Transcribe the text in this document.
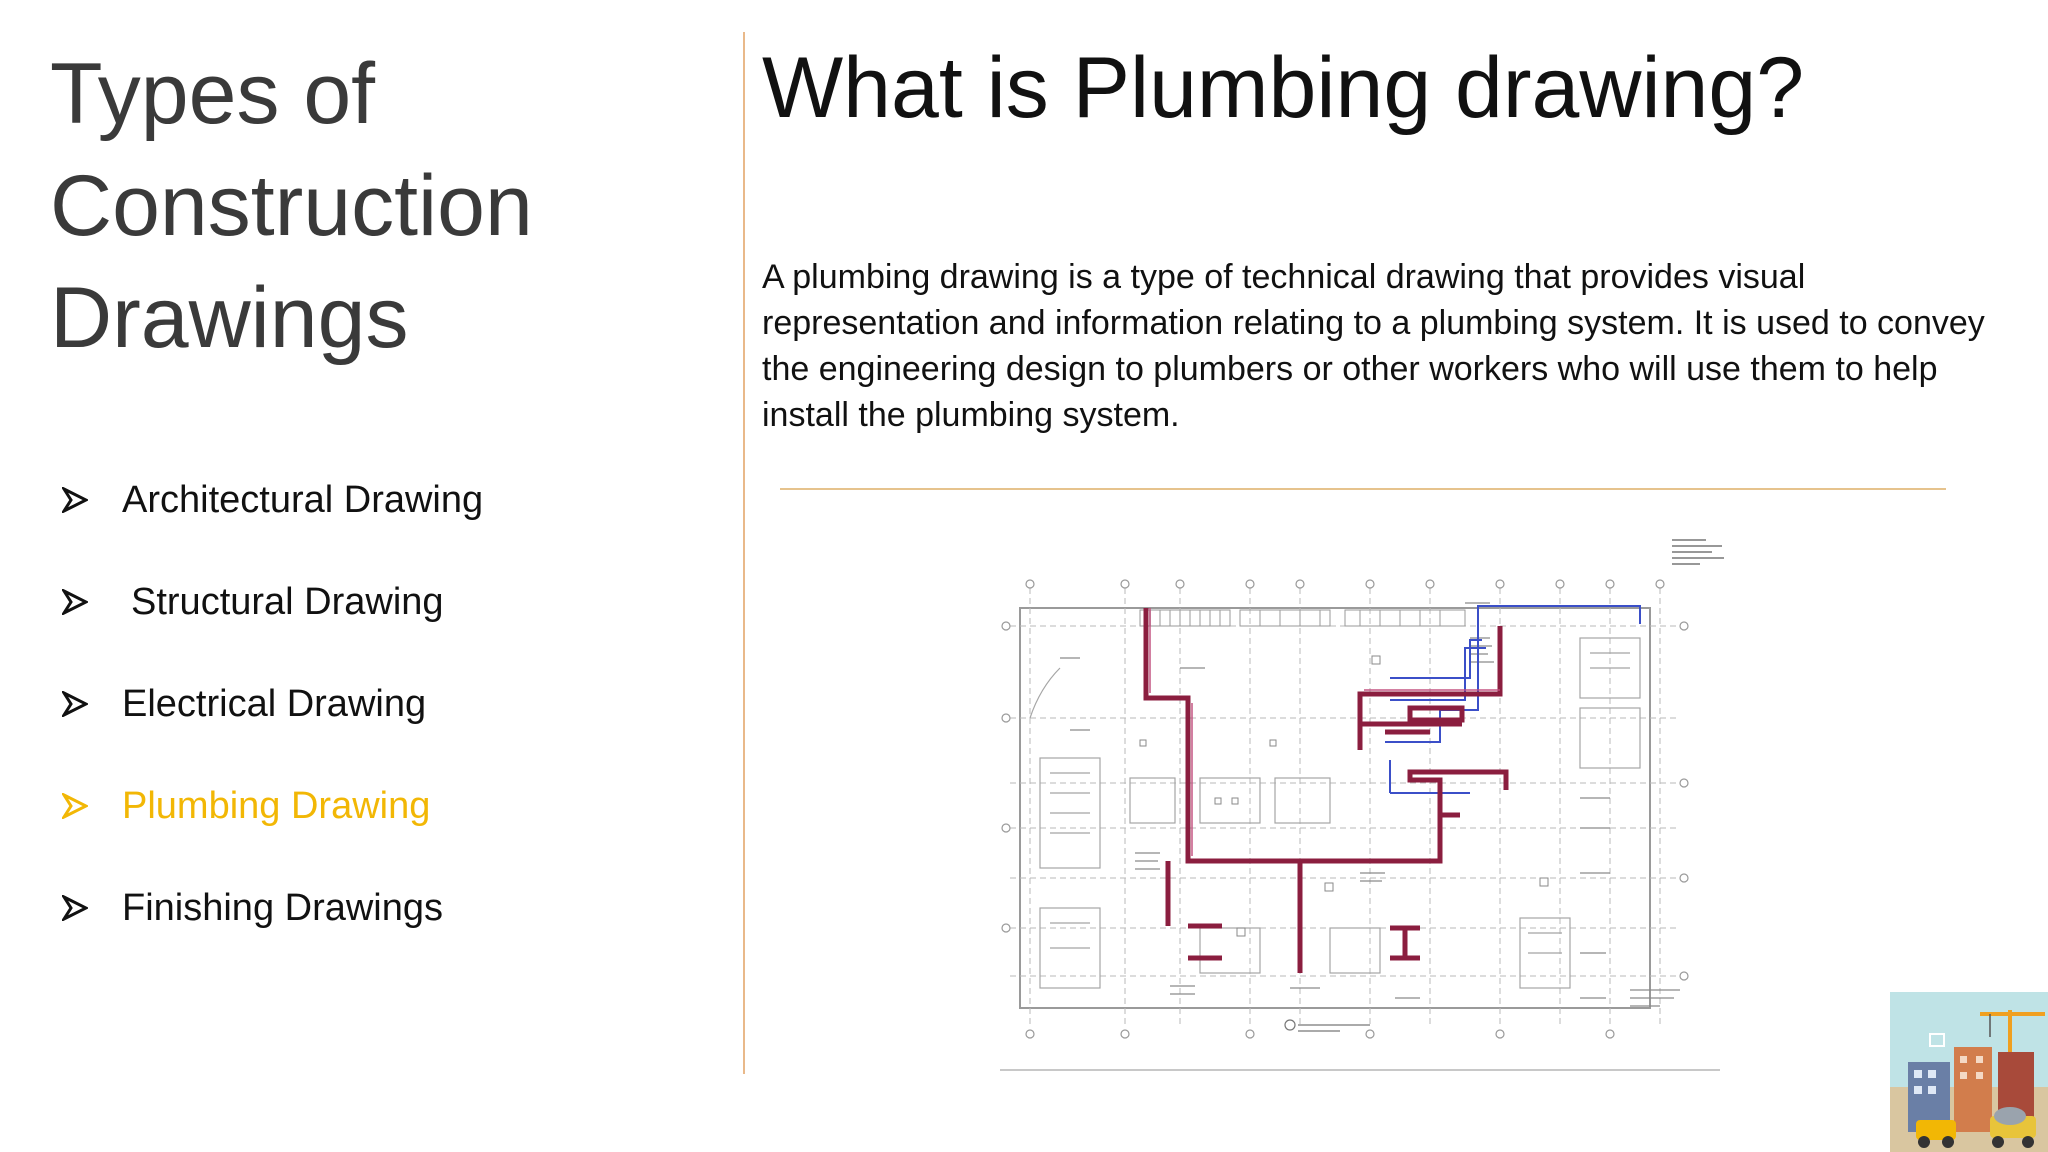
Types of
Construction
Drawings
Architectural Drawing
Structural Drawing
Electrical Drawing
Plumbing Drawing
Finishing Drawings
What is Plumbing drawing?
A plumbing drawing is a type of technical drawing that provides visual representation and information relating to a plumbing system. It is used to convey the engineering design to plumbers or other workers who will use them to help install the plumbing system.
